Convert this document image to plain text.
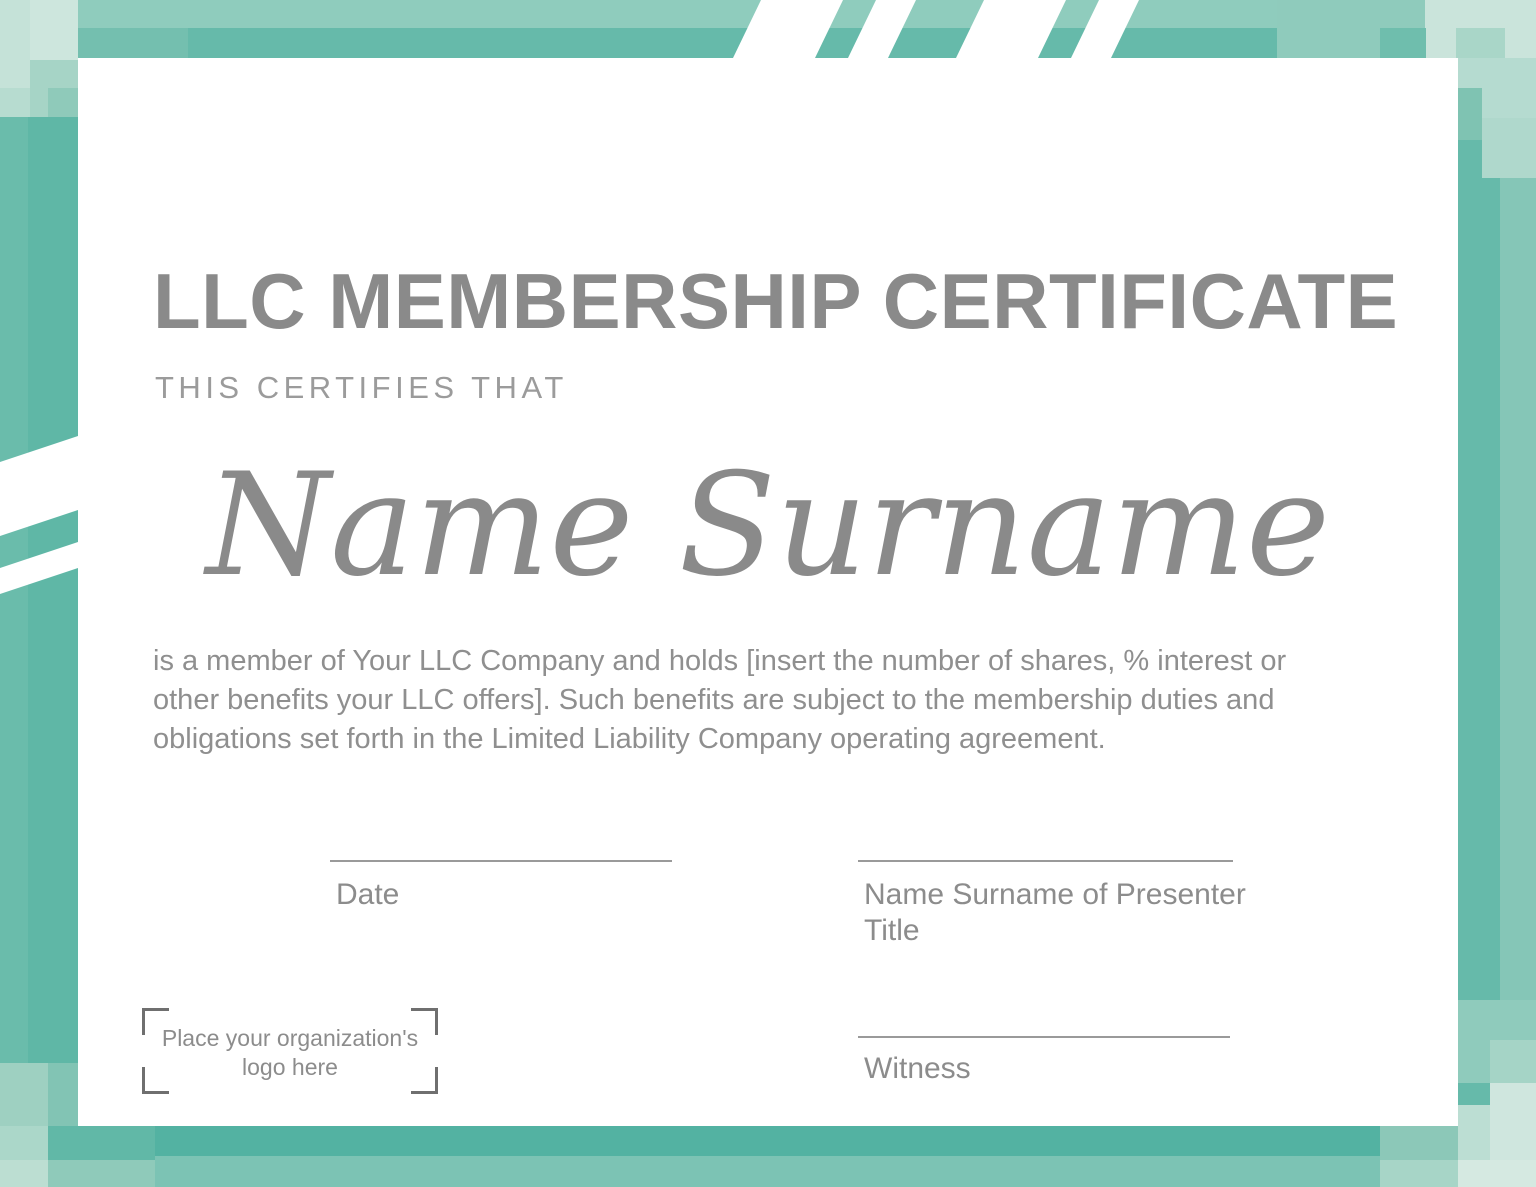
LLC MEMBERSHIP CERTIFICATE
THIS CERTIFIES THAT
Name Surname
is a member of Your LLC Company and holds [insert the number of shares, % interest or
other benefits your LLC offers]. Such benefits are subject to the membership duties and
obligations set forth in the Limited Liability Company operating agreement.
Date	Name Surname of Presenter
Title
Witness
Place your organization's
logo here
